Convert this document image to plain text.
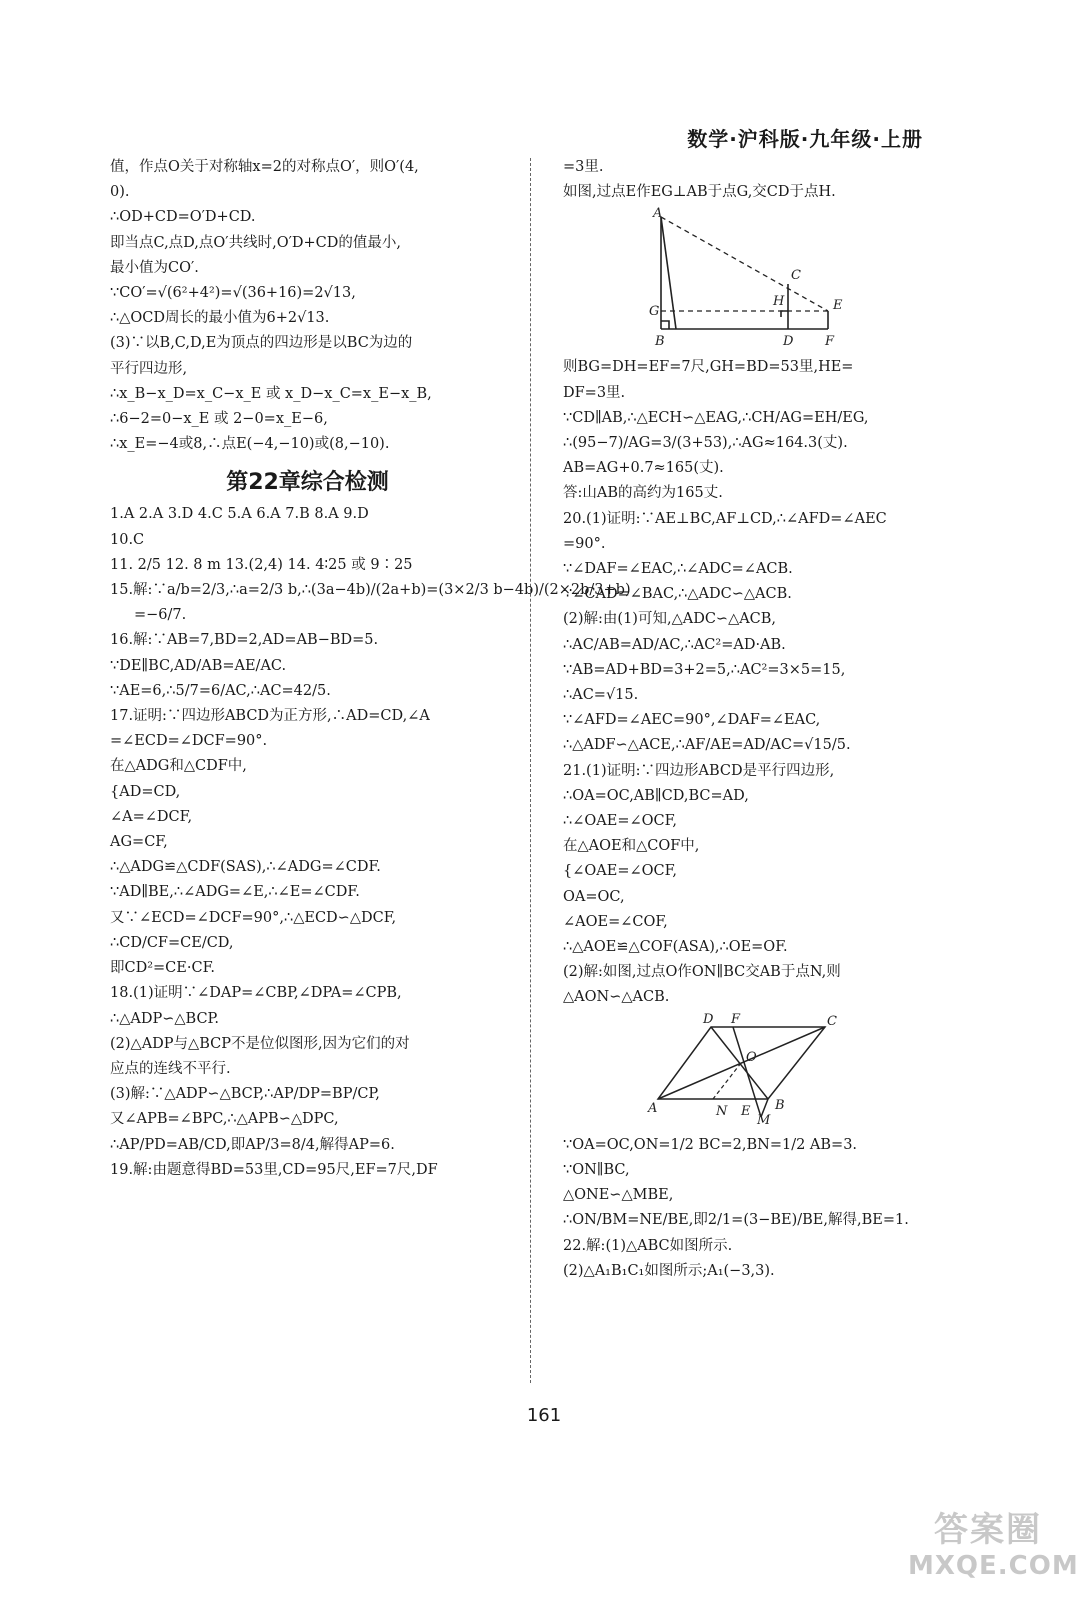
数学·沪科版·九年级·上册
值，作点O关于对称轴x=2的对称点O′，则O′(4,
0).
∴OD+CD=O′D+CD.
即当点C,点D,点O′共线时,O′D+CD的值最小,
最小值为CO′.
∵CO′=√(6²+4²)=√(36+16)=2√13,
∴△OCD周长的最小值为6+2√13.
(3)∵以B,C,D,E为顶点的四边形是以BC为边的
平行四边形,
∴x_B−x_D=x_C−x_E 或 x_D−x_C=x_E−x_B,
∴6−2=0−x_E 或 2−0=x_E−6,
∴x_E=−4或8,∴点E(−4,−10)或(8,−10).
第22章综合检测
1.A 2.A 3.D 4.C 5.A 6.A 7.B 8.A 9.D
10.C
11. 2/5 12. 8 m 13.(2,4) 14. 4∶25 或 9∶25
15.解:∵a/b=2/3,∴a=2/3 b,∴(3a−4b)/(2a+b)=(3×2/3 b−4b)/(2×2b/3+b)
=−6/7.
16.解:∵AB=7,BD=2,AD=AB−BD=5.
∵DE∥BC,AD/AB=AE/AC.
∵AE=6,∴5/7=6/AC,∴AC=42/5.
17.证明:∵四边形ABCD为正方形,∴AD=CD,∠A
=∠ECD=∠DCF=90°.
在△ADG和△CDF中,
{AD=CD,
∠A=∠DCF,
AG=CF,
∴△ADG≌△CDF(SAS),∴∠ADG=∠CDF.
∵AD∥BE,∴∠ADG=∠E,∴∠E=∠CDF.
又∵∠ECD=∠DCF=90°,∴△ECD∽△DCF,
∴CD/CF=CE/CD,
即CD²=CE·CF.
18.(1)证明∵∠DAP=∠CBP,∠DPA=∠CPB,
∴△ADP∽△BCP.
(2)△ADP与△BCP不是位似图形,因为它们的对
应点的连线不平行.
(3)解:∵△ADP∽△BCP,∴AP/DP=BP/CP,
又∠APB=∠BPC,∴△APB∽△DPC,
∴AP/PD=AB/CD,即AP/3=8/4,解得AP=6.
19.解:由题意得BD=53里,CD=95尺,EF=7尺,DF
=3里.
如图,过点E作EG⊥AB于点G,交CD于点H.
A
C
H	E
G
B	D F
则BG=DH=EF=7尺,GH=BD=53里,HE=
DF=3里.
∵CD∥AB,∴△ECH∽△EAG,∴CH/AG=EH/EG,
∴(95−7)/AG=3/(3+53),∴AG≈164.3(丈).
AB=AG+0.7≈165(丈).
答:山AB的高约为165丈.
20.(1)证明:∵AE⊥BC,AF⊥CD,∴∠AFD=∠AEC
=90°.
∵∠DAF=∠EAC,∴∠ADC=∠ACB.
∵∠CAD=∠BAC,∴△ADC∽△ACB.
(2)解:由(1)可知,△ADC∽△ACB,
∴AC/AB=AD/AC,∴AC²=AD·AB.
∵AB=AD+BD=3+2=5,∴AC²=3×5=15,
∴AC=√15.
∵∠AFD=∠AEC=90°,∠DAF=∠EAC,
∴△ADF∽△ACE,∴AF/AE=AD/AC=√15/5.
21.(1)证明:∵四边形ABCD是平行四边形,
∴OA=OC,AB∥CD,BC=AD,
∴∠OAE=∠OCF,
在△AOE和△COF中,
{∠OAE=∠OCF,
OA=OC,
∠AOE=∠COF,
∴△AOE≌△COF(ASA),∴OE=OF.
(2)解:如图,过点O作ON∥BC交AB于点N,则
△AON∽△ACB.
D F	C
O
A	N E B
M
∵OA=OC,ON=1/2 BC=2,BN=1/2 AB=3.
∵ON∥BC,
△ONE∽△MBE,
∴ON/BM=NE/BE,即2/1=(3−BE)/BE,解得,BE=1.
22.解:(1)△ABC如图所示.
(2)△A₁B₁C₁如图所示;A₁(−3,3).
161
答案圈
MXQE.COM
